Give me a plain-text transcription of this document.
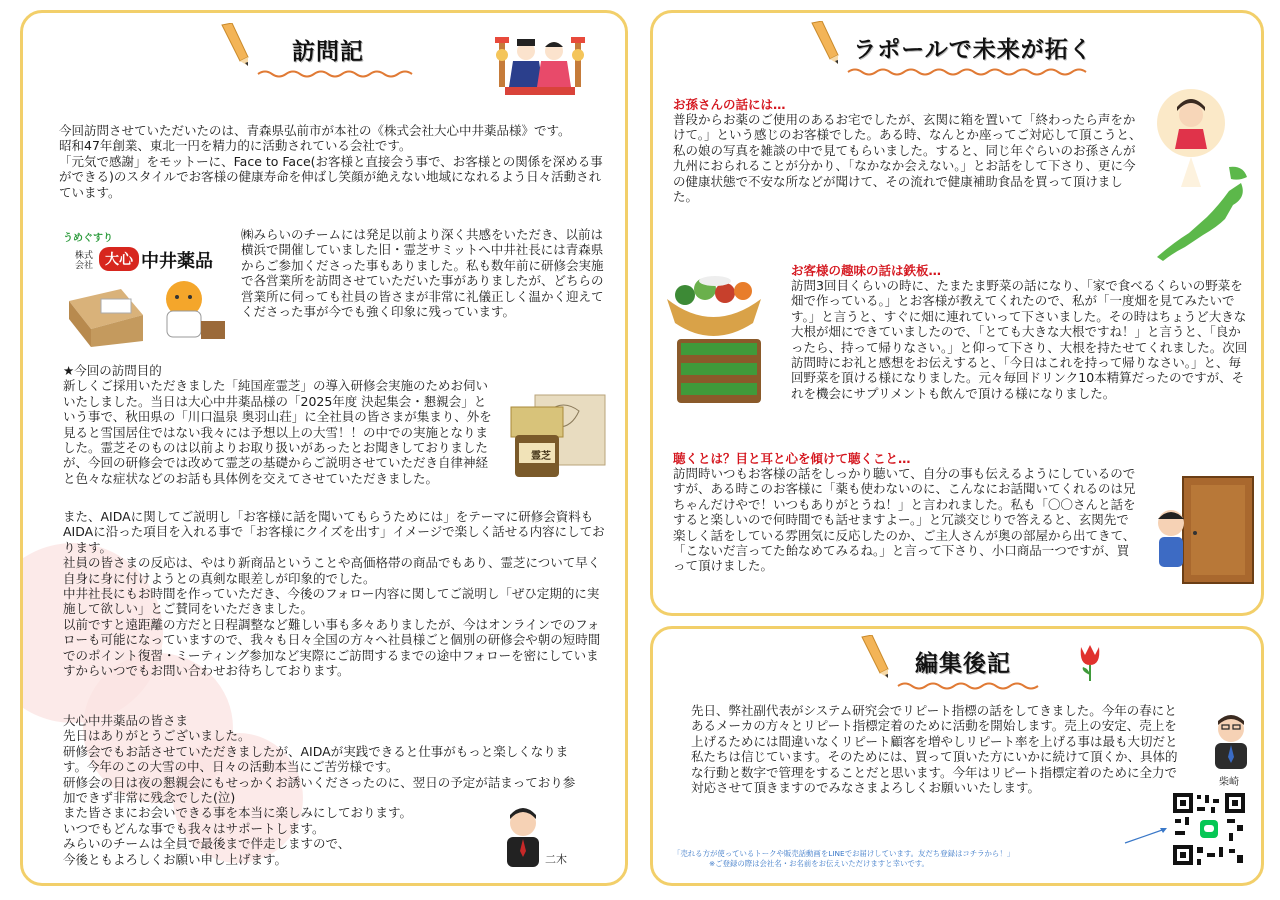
訪問記
今回訪問させていただいたのは、青森県弘前市が本社の《株式会社大心中井薬品様》です。
昭和47年創業、東北一円を精力的に活動されている会社です。
「元気で感謝」をモットーに、Face to Face(お客様と直接会う事で、お客様との関係を深める事ができる)のスタイルでお客様の健康寿命を伸ばし笑顔が絶えない地域になれるよう日々活動されています。
うめぐすり
株式会社 大心 中井薬品
㈱みらいのチームには発足以前より深く共感をいただき、以前は横浜で開催していました旧・霊芝サミットへ中井社長には青森県からご参加くださった事もありました。私も数年前に研修会実施で各営業所を訪問させていただいた事がありましたが、どちらの営業所に伺っても社員の皆さまが非常に礼儀正しく温かく迎えてくださった事が今でも強く印象に残っています。
★今回の訪問目的
新しくご採用いただきました「純国産霊芝」の導入研修会実施のためお伺いいたしました。当日は大心中井薬品様の「2025年度 決起集会・懇親会」という事で、秋田県の「川口温泉 奥羽山荘」に全社員の皆さまが集まり、外を見ると雪国居住ではない我々には予想以上の大雪！！の中での実施となりました。霊芝そのものは以前よりお取り扱いがあったとお聞きしておりましたが、今回の研修会では改めて霊芝の基礎からご説明させていただき自律神経と色々な症状などのお話も具体例を交えてさせていただきました。
霊芝
また、AIDAに関してご説明し「お客様に話を聞いてもらうためには」をテーマに研修会資料もAIDAに沿った項目を入れる事で「お客様にクイズを出す」イメージで楽しく話せる内容にしております。
社員の皆さまの反応は、やはり新商品ということや高価格帯の商品でもあり、霊芝について早く自身に身に付けようとの真剣な眼差しが印象的でした。
中井社長にもお時間を作っていただき、今後のフォロー内容に関してご説明し「ぜひ定期的に実施して欲しい」とご賛同をいただきました。
以前ですと遠距離の方だと日程調整など難しい事も多々ありましたが、今はオンラインでのフォローも可能になっていますので、我々も日々全国の方々へ社員様ごと個別の研修会や朝の短時間でのポイント復習・ミーティング参加など実際にご訪問するまでの途中フォローを密にしていますからいつでもお問い合わせお待ちしております。
大心中井薬品の皆さま
先日はありがとうございました。
研修会でもお話させていただきましたが、AIDAが実践できると仕事がもっと楽しくなります。今年のこの大雪の中、日々の活動本当にご苦労様です。
研修会の日は夜の懇親会にもせっかくお誘いくださったのに、翌日の予定が詰まっており参加できず非常に残念でした(泣)
また皆さまにお会いできる事を本当に楽しみにしております。
いつでもどんな事でも我々はサポートします。
みらいのチームは全員で最後まで伴走しますので、
今後ともよろしくお願い申し上げます。	二木
ラポールで未来が拓く
お孫さんの話には…
普段からお薬のご使用のあるお宅でしたが、玄関に箱を置いて「終わったら声をかけて。」という感じのお客様でした。ある時、なんとか座ってご対応して頂こうと、私の娘の写真を雑談の中で見てもらいました。すると、同じ年ぐらいのお孫さんが九州におられることが分かり、「なかなか会えない。」とお話をして下さり、更に今の健康状態で不安な所などが聞けて、その流れで健康補助食品を買って頂けました。
お客様の趣味の話は鉄板…
訪問3回目くらいの時に、たまたま野菜の話になり、「家で食べるくらいの野菜を畑で作っている。」とお客様が教えてくれたので、私が「一度畑を見てみたいです。」と言うと、すぐに畑に連れていって下さいました。その時はちょうど大きな大根が畑にできていましたので、「とても大きな大根ですね！」と言うと、「良かったら、持って帰りなさい。」と仰って下さり、大根を持たせてくれました。次回訪問時にお礼と感想をお伝えすると、「今日はこれを持って帰りなさい。」と、毎回野菜を頂ける様になりました。元々毎回ドリンク10本精算だったのですが、それを機会にサプリメントも飲んで頂ける様になりました。
聴くとは？目と耳と心を傾けて聴くこと…
訪問時いつもお客様の話をしっかり聴いて、自分の事も伝えるようにしているのですが、ある時このお客様に「薬も使わないのに、こんなにお話聞いてくれるのは兄ちゃんだけやで！いつもありがとうね！」と言われました。私も「〇〇さんと話をすると楽しいので何時間でも話せますよー。」と冗談交じりで答えると、玄関先で楽しく話をしている雰囲気に反応したのか、ご主人さんが奥の部屋から出てきて、「こないだ言ってた飴なめてみるね。」と言って下さり、小口商品一つですが、買って頂けました。
編集後記
先日、弊社副代表がシステム研究会でリピート指標の話をしてきました。今年の春にとあるメーカの方々とリピート指標定着のために活動を開始します。売上の安定、売上を上げるためには間違いなくリピート顧客を増やしリピート率を上げる事は最も大切だと私たちは信じています。そのためには、買って頂いた方にいかに続けて頂くか、具体的な行動と数字で管理をすることだと思います。今年はリピート指標定着のために全力で対応させて頂きますのでみなさまよろしくお願いいたします。	柴崎
「売れる方が使っているトークや販売話動画をLINEでお届けしています。友だち登録はコチラから！」
※ご登録の際は会社名・お名前をお伝えいただけますと幸いです。
